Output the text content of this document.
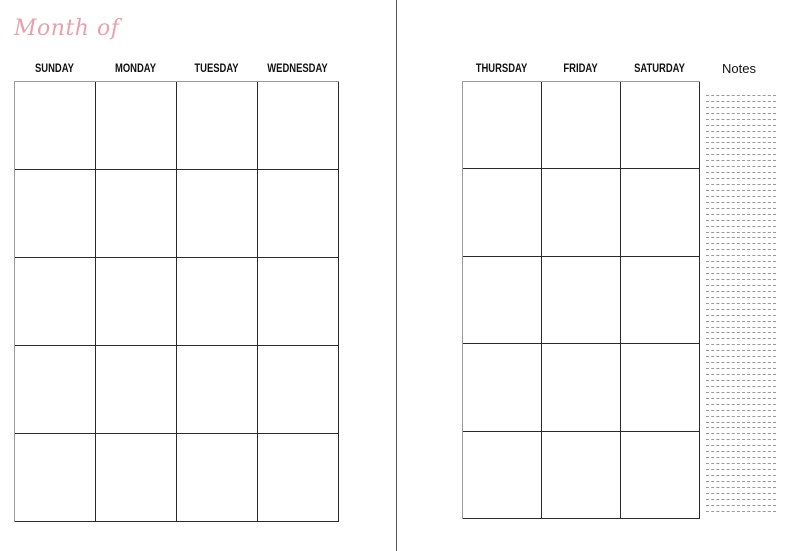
Month of
SUNDAY	MONDAY	TUESDAY	WEDNESDAY	THURSDAY	FRIDAY	SATURDAY	Notes
